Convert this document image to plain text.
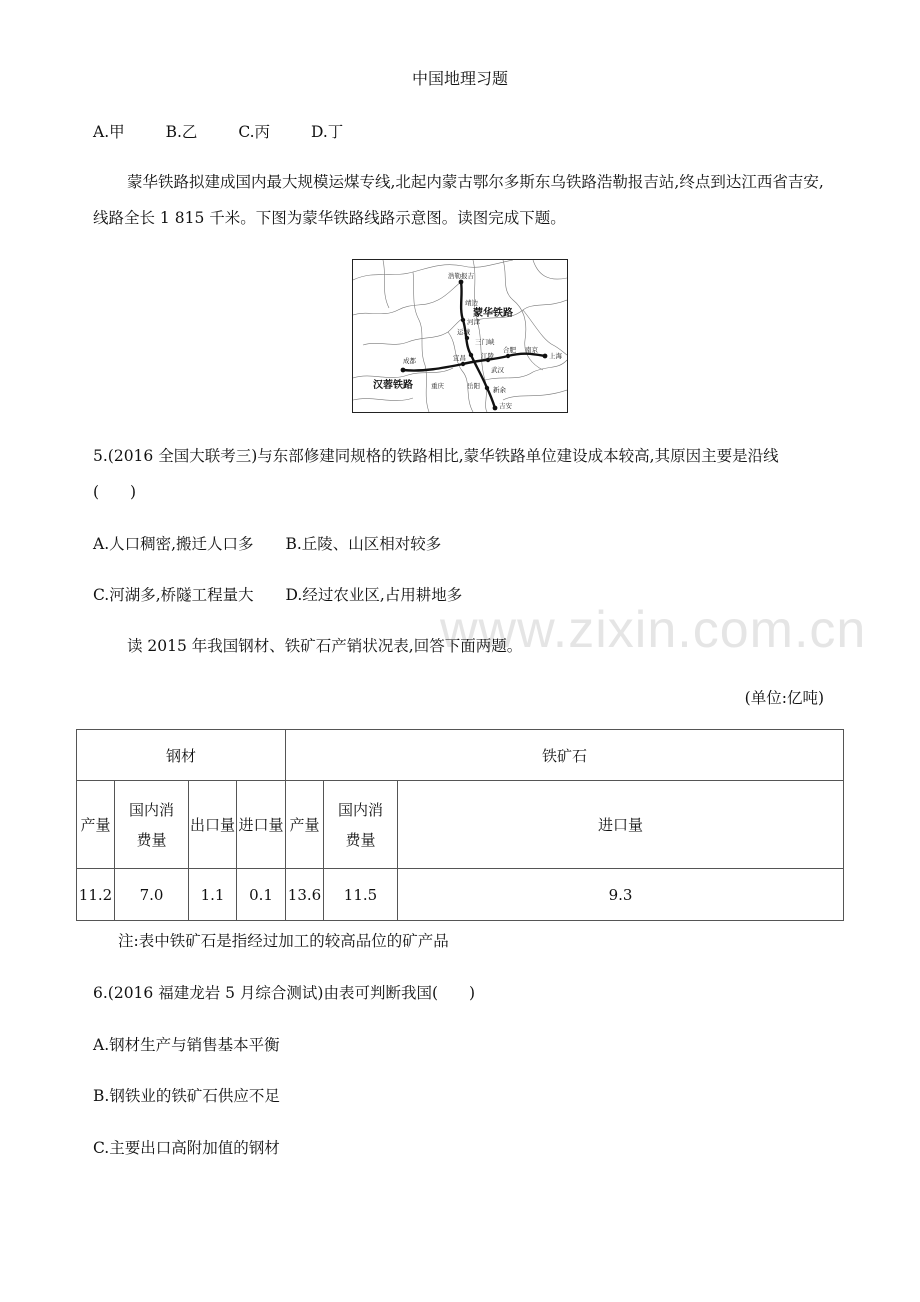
中国地理习题
A.甲	B.乙	C.丙	D.丁
蒙华铁路拟建成国内最大规模运煤专线,北起内蒙古鄂尔多斯东乌铁路浩勒报吉站,终点到达江西省吉安,线路全长 1 815 千米。下图为蒙华铁路线路示意图。读图完成下题。
浩勒报吉
靖边
河津
运城
三门峡
成都
重庆
宜昌 江陵
合肥 南京
上海
武汉
岳阳 新余
吉安
蒙华铁路
汉蓉铁路
5.(2016 全国大联考三)与东部修建同规格的铁路相比,蒙华铁路单位建设成本较高,其原因主要是沿线
(　　)
A.人口稠密,搬迁人口多 B.丘陵、山区相对较多
C.河湖多,桥隧工程量大 D.经过农业区,占用耕地多
www.zixin.com.cn
读 2015 年我国钢材、铁矿石产销状况表,回答下面两题。
(单位:亿吨)
钢材				铁矿石		
产量	国内消费量	出口量	进口量	产量	国内消费量	进口量
11.2	7.0	1.1	0.1	13.6	11.5	9.3
注:表中铁矿石是指经过加工的较高品位的矿产品
6.(2016 福建龙岩 5 月综合测试)由表可判断我国(　　)
A.钢材生产与销售基本平衡
B.钢铁业的铁矿石供应不足
C.主要出口高附加值的钢材
